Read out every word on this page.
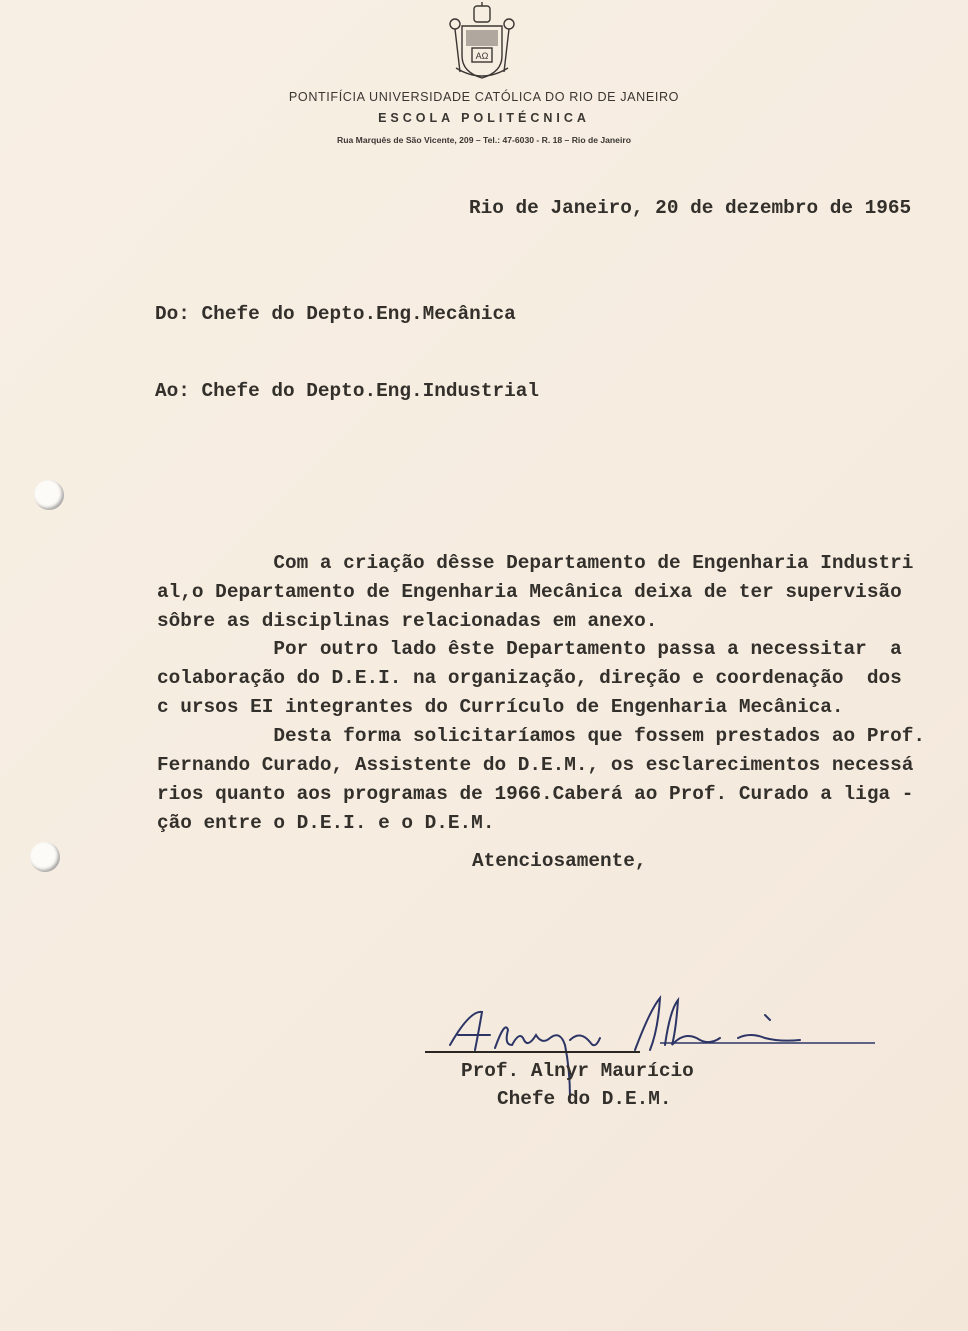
AΩ
PONTIFÍCIA UNIVERSIDADE CATÓLICA DO RIO DE JANEIRO
ESCOLA POLITÉCNICA
Rua Marquês de São Vicente, 209 – Tel.: 47-6030 - R. 18 – Rio de Janeiro
Rio de Janeiro, 20 de dezembro de 1965
Do: Chefe do Depto.Eng.Mecânica
Ao: Chefe do Depto.Eng.Industrial
Com a criação dêsse Departamento de Engenharia Industri
al,o Departamento de Engenharia Mecânica deixa de ter supervisão
sôbre as disciplinas relacionadas em anexo.
Por outro lado êste Departamento passa a necessitar  a
colaboração do D.E.I. na organização, direção e coordenação  dos
c ursos EI integrantes do Currículo de Engenharia Mecânica.
Desta forma solicitaríamos que fossem prestados ao Prof.
Fernando Curado, Assistente do D.E.M., os esclarecimentos necessá
rios quanto aos programas de 1966.Caberá ao Prof. Curado a liga -
ção entre o D.E.I. e o D.E.M.
Atenciosamente,
Prof. Alnyr Maurício
Chefe do D.E.M.
